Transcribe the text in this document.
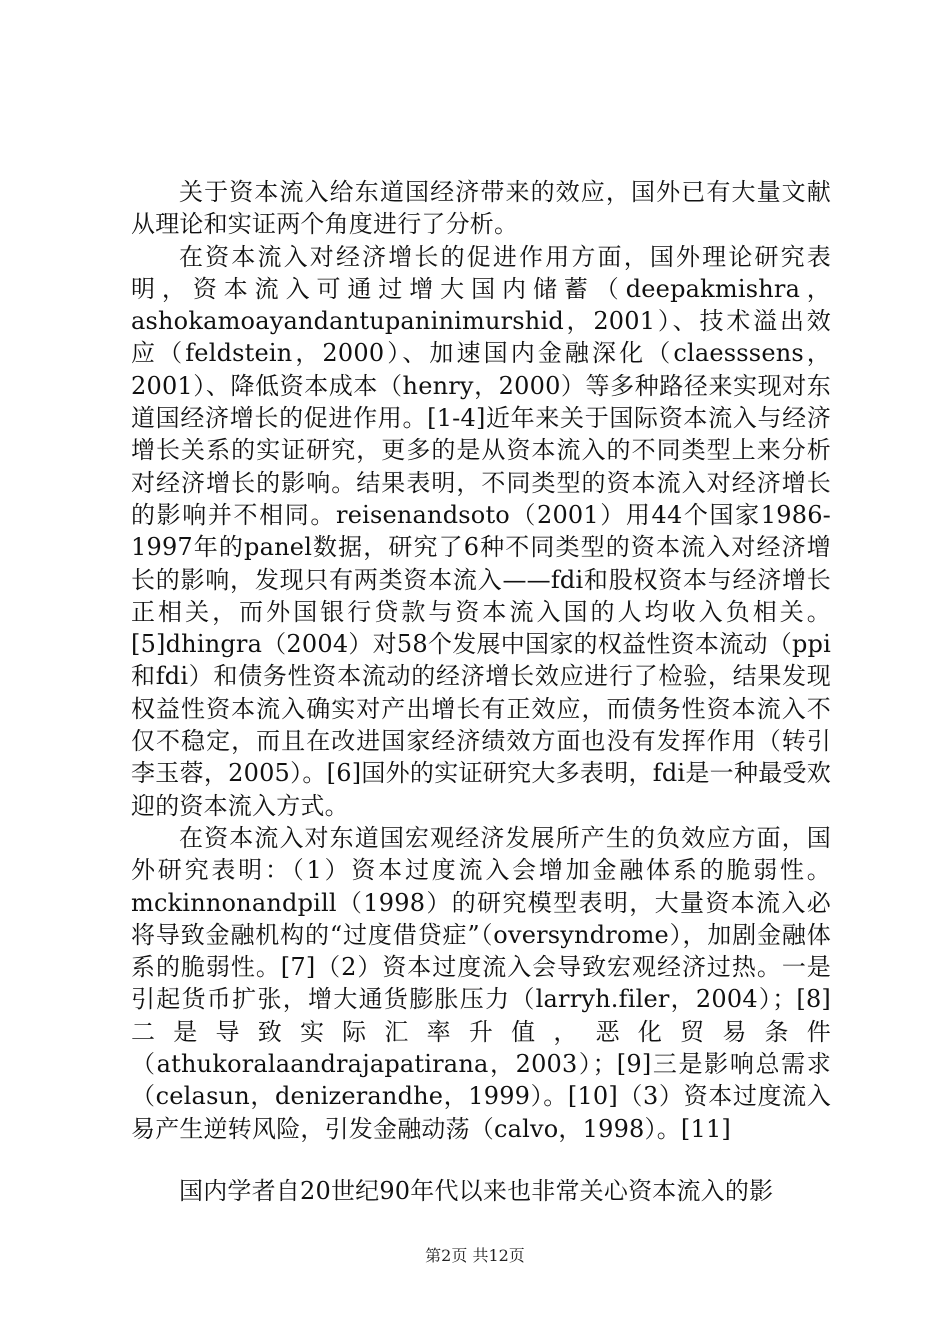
关于资本流入给东道国经济带来的效应，国外已有大量文献从理论和实证两个角度进行了分析。

在资本流入对经济增长的促进作用方面，国外理论研究表明，资本流入可通过增大国内储蓄（deepakmishra，ashokamoayandantupaninimurshid，2001）、技术溢出效应（feldstein，2000）、加速国内金融深化（claesssens，2001）、降低资本成本（henry，2000）等多种路径来实现对东道国经济增长的促进作用。[1-4]近年来关于国际资本流入与经济增长关系的实证研究，更多的是从资本流入的不同类型上来分析对经济增长的影响。结果表明，不同类型的资本流入对经济增长的影响并不相同。reisenandsoto（2001）用44个国家1986-1997年的panel数据，研究了6种不同类型的资本流入对经济增长的影响，发现只有两类资本流入——fdi和股权资本与经济增长正相关，而外国银行贷款与资本流入国的人均收入负相关。[5]dhingra（2004）对58个发展中国家的权益性资本流动（ppi和fdi）和债务性资本流动的经济增长效应进行了检验，结果发现权益性资本流入确实对产出增长有正效应，而债务性资本流入不仅不稳定，而且在改进国家经济绩效方面也没有发挥作用（转引李玉蓉，2005）。[6]国外的实证研究大多表明，fdi是一种最受欢迎的资本流入方式。

在资本流入对东道国宏观经济发展所产生的负效应方面，国外研究表明：（1）资本过度流入会增加金融体系的脆弱性。mckinnonandpill（1998）的研究模型表明，大量资本流入必将导致金融机构的“过度借贷症”（oversyndrome），加剧金融体系的脆弱性。[7]（2）资本过度流入会导致宏观经济过热。一是引起货币扩张，增大通货膨胀压力（larryh.filer，2004）；[8]二是导致实际汇率升值，恶化贸易条件（athukoralaandrajapatirana，2003）；[9]三是影响总需求（celasun，denizerandhe，1999）。[10]（3）资本过度流入易产生逆转风险，引发金融动荡（calvo，1998）。[11]

国内学者自20世纪90年代以来也非常关心资本流入的影

第2页 共12页
